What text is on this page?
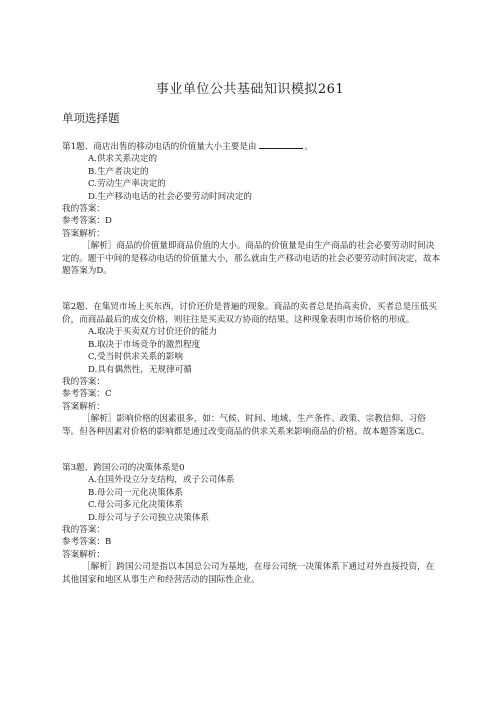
事业单位公共基础知识模拟261
单项选择题
第1题、商店出售的移动电话的价值量大小主要是由	。
A.供求关系决定的
B.生产者决定的
C.劳动生产率决定的
D.生产移动电话的社会必要劳动时间决定的
我的答案：
参考答案：D
答案解析：
［解析］商品的价值量即商品价值的大小。商品的价值量是由生产商品的社会必要劳动时间决定的。题干中间的是移动电话的价值量大小，那么就由生产移动电话的社会必要劳动时间决定，故本题答案为D。
第2题、在集贸市场上买东西，讨价还价是普遍的现象。商品的卖者总是抬高卖价，买者总是压低买价，而商品最后的成交价格，则往往是买卖双方协商的结果。这种现象表明市场价格的形成。
A.取决于买卖双方讨价还价的能力
B.取决于市场竞争的激烈程度
C,受当时供求关系的影响
D.具有偶然性，无规律可循
我的答案：
参考答案：C
答案解析：
［解析］影响价格的因素很多，如：气候、时间、地域、生产条件、政策、宗教信仰、习俗等。但各种因素对价格的影响都是通过改变商品的供求关系来影响商品的价格。故本题答案选C。
第3题、跨国公司的决策体系是0
A.在国外设立分支结构，或子公司体系
B.母公司一元化决策体系
C.母公司多元化决策体系
D.母公司与子公司独立决策体系
我的答案：
参考答案：B
答案解析：
［解析］跨国公司是指以本国总公司为基地，在母公司统一决策体系下通过对外直接投资，在其他国家和地区从事生产和经营活动的国际性企业。
